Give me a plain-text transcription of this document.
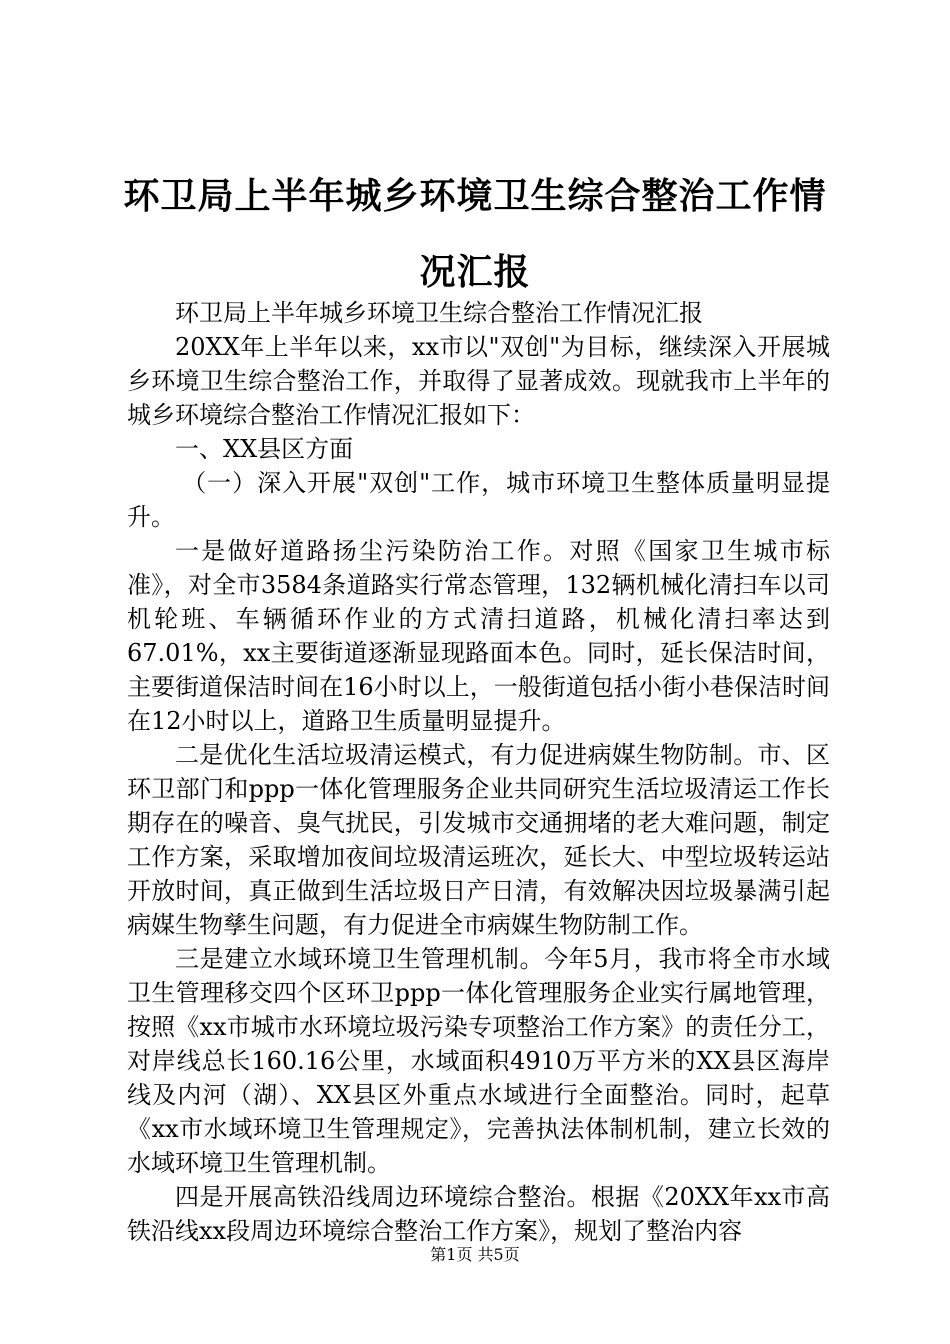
环卫局上半年城乡环境卫生综合整治工作情况汇报

环卫局上半年城乡环境卫生综合整治工作情况汇报

20XX年上半年以来，xx市以"双创"为目标，继续深入开展城乡环境卫生综合整治工作，并取得了显著成效。现就我市上半年的城乡环境综合整治工作情况汇报如下：

一、XX县区方面

（一）深入开展"双创"工作，城市环境卫生整体质量明显提升。

一是做好道路扬尘污染防治工作。对照《国家卫生城市标准》，对全市3584条道路实行常态管理，132辆机械化清扫车以司机轮班、车辆循环作业的方式清扫道路，机械化清扫率达到67.01%，xx主要街道逐渐显现路面本色。同时，延长保洁时间，主要街道保洁时间在16小时以上，一般街道包括小街小巷保洁时间在12小时以上，道路卫生质量明显提升。

二是优化生活垃圾清运模式，有力促进病媒生物防制。市、区环卫部门和ppp一体化管理服务企业共同研究生活垃圾清运工作长期存在的噪音、臭气扰民，引发城市交通拥堵的老大难问题，制定工作方案，采取增加夜间垃圾清运班次，延长大、中型垃圾转运站开放时间，真正做到生活垃圾日产日清，有效解决因垃圾暴满引起病媒生物孳生问题，有力促进全市病媒生物防制工作。

三是建立水域环境卫生管理机制。今年5月，我市将全市水域卫生管理移交四个区环卫ppp一体化管理服务企业实行属地管理，按照《xx市城市水环境垃圾污染专项整治工作方案》的责任分工，对岸线总长160.16公里，水域面积4910万平方米的XX县区海岸线及内河（湖）、XX县区外重点水域进行全面整治。同时，起草《xx市水域环境卫生管理规定》，完善执法体制机制，建立长效的水域环境卫生管理机制。

四是开展高铁沿线周边环境综合整治。根据《20XX年xx市高铁沿线xx段周边环境综合整治工作方案》，规划了整治内容

第1页 共5页
